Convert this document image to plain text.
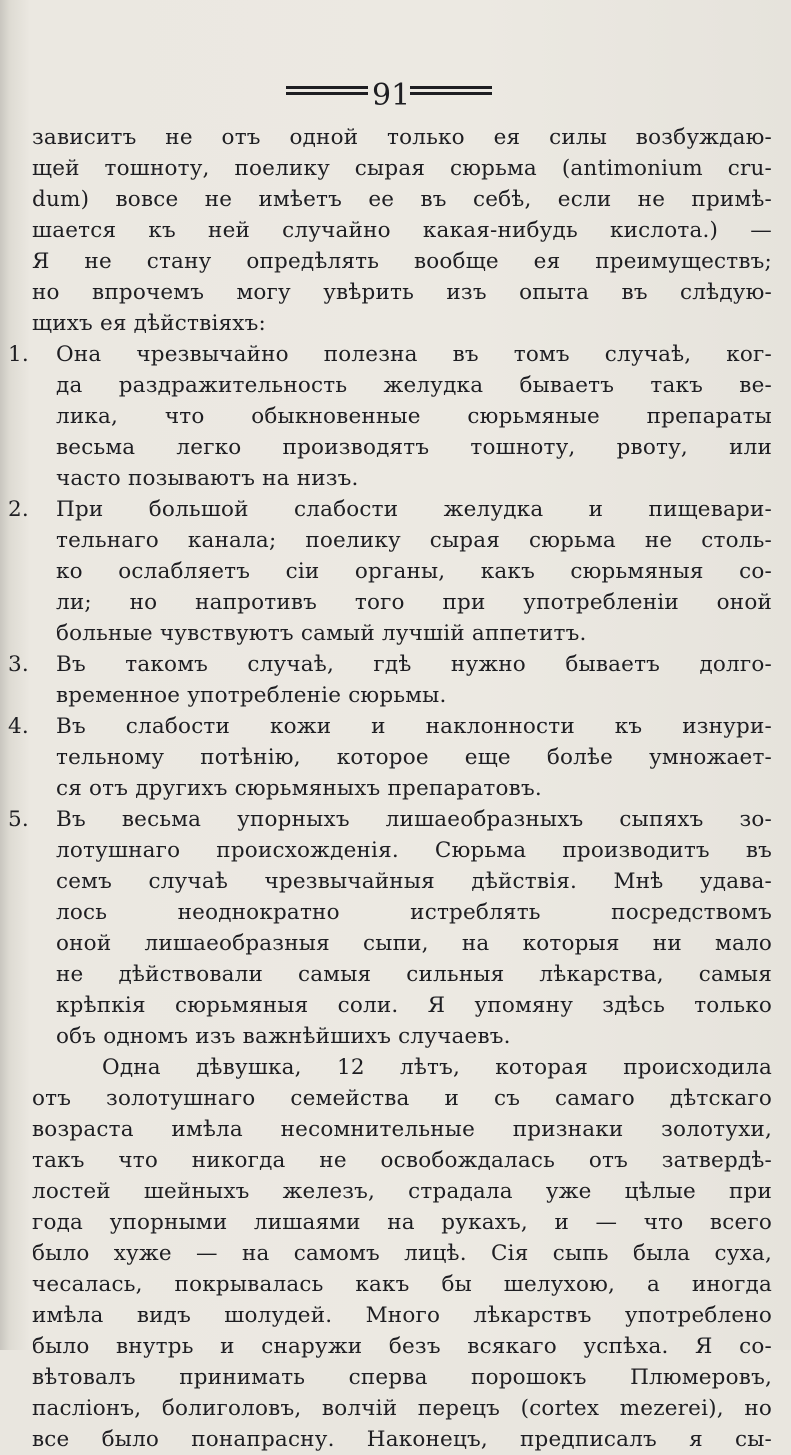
91
зависитъ не отъ одной только ея силы возбуждаю-
щей тошноту, поелику сырая сюрьма (antimonium cru-
dum) вовсе не имѣетъ ее въ себѣ, если не примѣ-
шается къ ней случайно какая-нибудь кислота.) —
Я не стану опредѣлять вообще ея преимуществъ;
но впрочемъ могу увѣрить изъ опыта въ слѣдую-
щихъ ея дѣйствіяхъ:
1. Она чрезвычайно полезна въ томъ случаѣ, ког-
да раздражительность желудка бываетъ такъ ве-
лика, что обыкновенные сюрьмяные препараты
весьма легко производятъ тошноту, рвоту, или
часто позываютъ на низъ.
2. При большой слабости желудка и пищевари-
тельнаго канала; поелику сырая сюрьма не столь-
ко ослабляетъ сіи органы, какъ сюрьмяныя со-
ли; но напротивъ того при употребленіи оной
больные чувствуютъ самый лучшій аппетитъ.
3. Въ такомъ случаѣ, гдѣ нужно бываетъ долго-
временное употребленіе сюрьмы.
4. Въ слабости кожи и наклонности къ изнури-
тельному потѣнію, которое еще болѣе умножает-
ся отъ другихъ сюрьмяныхъ препаратовъ.
5. Въ весьма упорныхъ лишаеобразныхъ сыпяхъ зо-
лотушнаго происхожденія. Сюрьма производитъ въ
семъ случаѣ чрезвычайныя дѣйствія. Мнѣ удава-
лось неоднократно истреблять посредствомъ
оной лишаеобразныя сыпи, на которыя ни мало
не дѣйствовали самыя сильныя лѣкарства, самыя
крѣпкія сюрьмяныя соли. Я упомяну здѣсь только
объ одномъ изъ важнѣйшихъ случаевъ.
Одна дѣвушка, 12 лѣтъ, которая происходила
отъ золотушнаго семейства и съ самаго дѣтскаго
возраста имѣла несомнительные признаки золотухи,
такъ что никогда не освобождалась отъ затвердѣ-
лостей шейныхъ железъ, страдала уже цѣлые при
года упорными лишаями на рукахъ, и — что всего
было хуже — на самомъ лицѣ. Сія сыпь была суха,
чесалась, покрывалась какъ бы шелухою, а иногда
имѣла видъ шолудей. Много лѣкарствъ употреблено
было внутрь и снаружи безъ всякаго успѣха. Я со-
вѣтовалъ принимать сперва порошокъ Плюмеровъ,
пасліонъ, болиголовъ, волчій перецъ (cortex mezerei), но
все было понапрасну. Наконецъ, предписалъ я сы-
